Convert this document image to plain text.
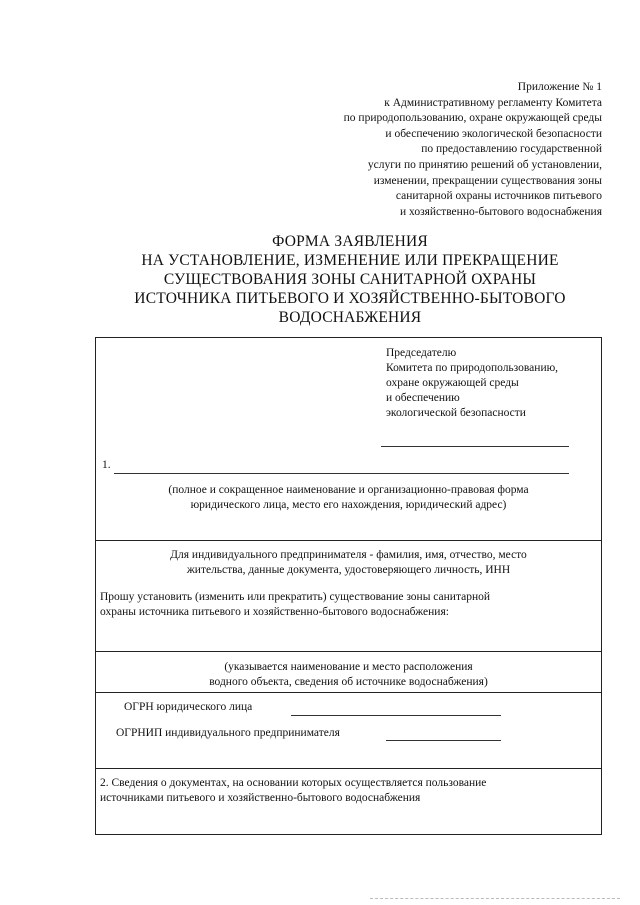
Приложение № 1
к Административному регламенту Комитета
по природопользованию, охране окружающей среды
и обеспечению экологической безопасности
по предоставлению государственной
услуги по принятию решений об установлении,
изменении, прекращении существования зоны
санитарной охраны источников питьевого
и хозяйственно-бытового водоснабжения
ФОРМА ЗАЯВЛЕНИЯ
НА УСТАНОВЛЕНИЕ, ИЗМЕНЕНИЕ ИЛИ ПРЕКРАЩЕНИЕ
СУЩЕСТВОВАНИЯ ЗОНЫ САНИТАРНОЙ ОХРАНЫ
ИСТОЧНИКА ПИТЬЕВОГО И ХОЗЯЙСТВЕННО-БЫТОВОГО
ВОДОСНАБЖЕНИЯ
Председателю
Комитета по природопользованию,
охране окружающей среды
и обеспечению
экологической безопасности
1.
(полное и сокращенное наименование и организационно-правовая форма
юридического лица, место его нахождения, юридический адрес)
Для индивидуального предпринимателя - фамилия, имя, отчество, место
жительства, данные документа, удостоверяющего личность, ИНН
Прошу установить (изменить или прекратить) существование зоны санитарной
охраны источника питьевого и хозяйственно-бытового водоснабжения:
(указывается наименование и место расположения
водного объекта, сведения об источнике водоснабжения)
ОГРН юридического лица
ОГРНИП индивидуального предпринимателя
2. Сведения о документах, на основании которых осуществляется пользование
источниками питьевого и хозяйственно-бытового водоснабжения
